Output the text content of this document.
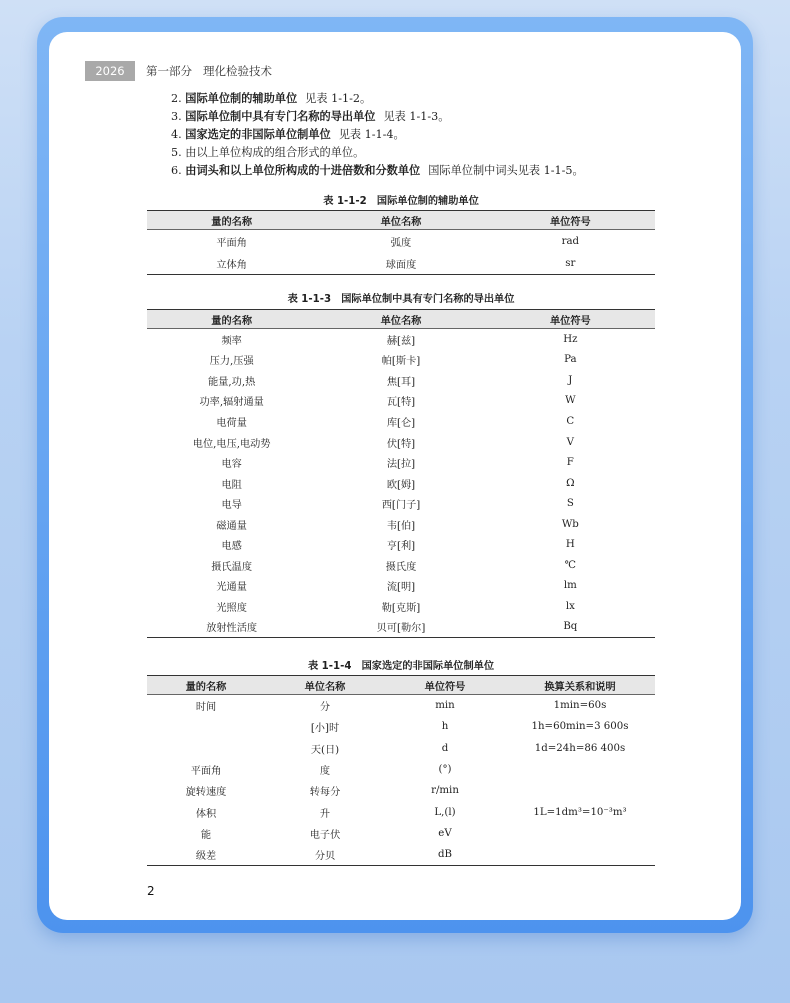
2026	第一部分 理化检验技术
2. 国际单位制的辅助单位 见表 1-1-2。
3. 国际单位制中具有专门名称的导出单位 见表 1-1-3。
4. 国家选定的非国际单位制单位 见表 1-1-4。
5. 由以上单位构成的组合形式的单位。
6. 由词头和以上单位所构成的十进倍数和分数单位 国际单位制中词头见表 1-1-5。
表 1-1-2　国际单位制的辅助单位
量的名称	单位名称	单位符号
平面角	弧度	rad
立体角	球面度	sr
表 1-1-3　国际单位制中具有专门名称的导出单位
量的名称	单位名称	单位符号
频率	赫[兹]	Hz
压力,压强	帕[斯卡]	Pa
能量,功,热	焦[耳]	J
功率,辐射通量	瓦[特]	W
电荷量	库[仑]	C
电位,电压,电动势	伏[特]	V
电容	法[拉]	F
电阻	欧[姆]	Ω
电导	西[门子]	S
磁通量	韦[伯]	Wb
电感	亨[利]	H
摄氏温度	摄氏度	℃
光通量	流[明]	lm
光照度	勒[克斯]	lx
放射性活度	贝可[勒尔]	Bq
表 1-1-4　国家选定的非国际单位制单位
量的名称	单位名称	单位符号	换算关系和说明
时间	分	min	1min=60s
	[小]时	h	1h=60min=3 600s
	天(日)	d	1d=24h=86 400s
平面角	度	(°)	
旋转速度	转每分	r/min	
体积	升	L,(l)	1L=1dm³=10⁻³m³
能	电子伏	eV	
级差	分贝	dB	
2
